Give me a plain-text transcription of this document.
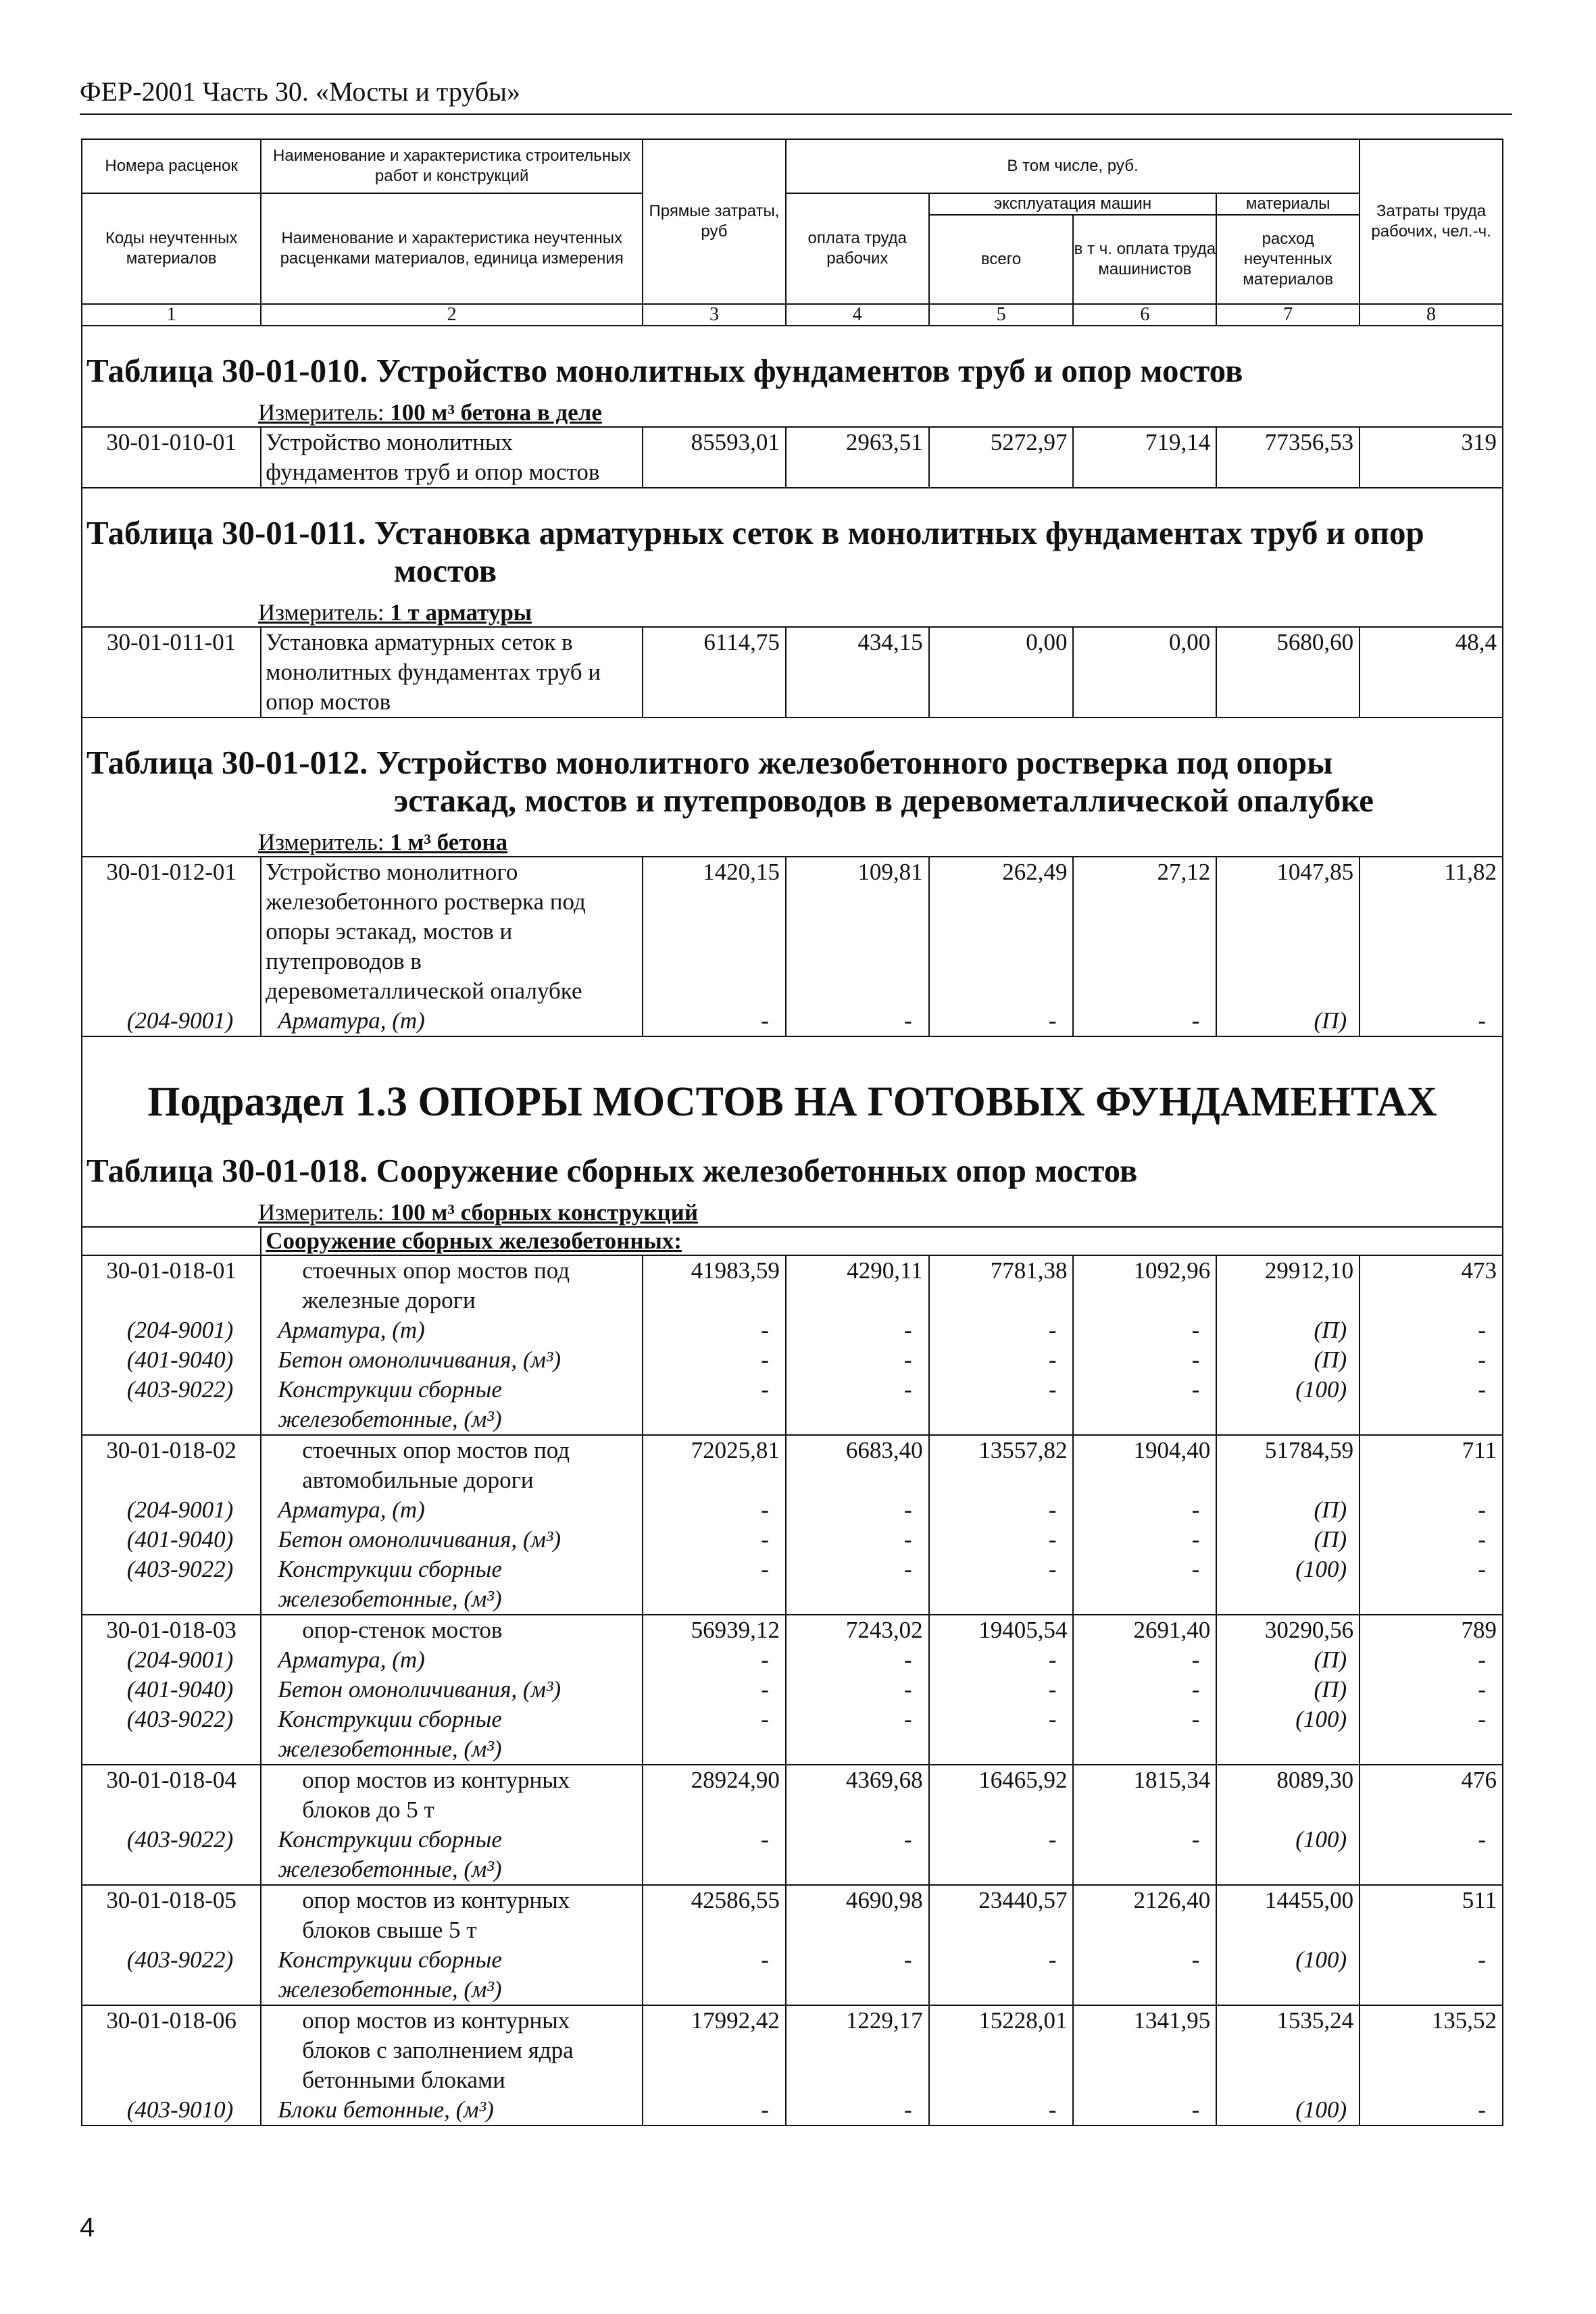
ФЕР-2001 Часть 30. «Мосты и трубы»
Номера расценок	Наименование и характеристика строительных работ и конструкций	Прямые затраты, руб	В том числе, руб.				Затраты труда рабочих, чел.-ч.
Коды неучтенных материалов	Наименование и характеристика неучтенных расценками материалов, единица измерения		оплата труда рабочих	эксплуатация машин		материалы	
				всего	в т ч. оплата труда машинистов	расход неучтенных материалов	

1	2	3	4	5	6	7	8

Таблица 30-01-010. Устройство монолитных фундаментов труб и опор мостов							
Измеритель: 100 м³ бетона в деле							
30-01-010-01	Устройство монолитных фундаментов труб и опор мостов	85593,01	2963,51	5272,97	719,14	77356,53	319

Таблица 30-01-011. Установка арматурных сеток в монолитных фундаментах труб и опор
мостов							

Измеритель: 1 т арматуры							
30-01-011-01	Установка арматурных сеток в монолитных фундаментах труб и опор мостов	6114,75	434,15	0,00	0,00	5680,60	48,4

Таблица 30-01-012. Устройство монолитного железобетонного ростверка под опоры
эстакад, мостов и путепроводов в деревометаллической опалубке							

Измеритель: 1 м³ бетона							
30-01-012-01	Устройство монолитного железобетонного ростверка под опоры эстакад, мостов и путепроводов в деревометаллической опалубке	1420,15	109,81	262,49	27,12	1047,85	11,82
(204-9001)	Арматура, (т)	-	-	-	-	(П)	-

Подраздел 1.3 ОПОРЫ МОСТОВ НА ГОТОВЫХ ФУНДАМЕНТАХ							
Таблица 30-01-018. Сооружение сборных железобетонных опор мостов							
Измеритель: 100 м³ сборных конструкций							
	Сооружение сборных железобетонных:						
30-01-018-01	стоечных опор мостов под железные дороги	41983,59	4290,11	7781,38	1092,96	29912,10	473
(204-9001)	Арматура, (т)	-	-	-	-	(П)	-
(401-9040)	Бетон омоноличивания, (м³)	-	-	-	-	(П)	-
(403-9022)	Конструкции сборные железобетонные, (м³)	-	-	-	-	(100)	-
30-01-018-02	стоечных опор мостов под автомобильные дороги	72025,81	6683,40	13557,82	1904,40	51784,59	711
(204-9001)	Арматура, (т)	-	-	-	-	(П)	-
(401-9040)	Бетон омоноличивания, (м³)	-	-	-	-	(П)	-
(403-9022)	Конструкции сборные железобетонные, (м³)	-	-	-	-	(100)	-
30-01-018-03	опор-стенок мостов	56939,12	7243,02	19405,54	2691,40	30290,56	789
(204-9001)	Арматура, (т)	-	-	-	-	(П)	-
(401-9040)	Бетон омоноличивания, (м³)	-	-	-	-	(П)	-
(403-9022)	Конструкции сборные железобетонные, (м³)	-	-	-	-	(100)	-
30-01-018-04	опор мостов из контурных блоков до 5 т	28924,90	4369,68	16465,92	1815,34	8089,30	476
(403-9022)	Конструкции сборные железобетонные, (м³)	-	-	-	-	(100)	-
30-01-018-05	опор мостов из контурных блоков свыше 5 т	42586,55	4690,98	23440,57	2126,40	14455,00	511
(403-9022)	Конструкции сборные железобетонные, (м³)	-	-	-	-	(100)	-
30-01-018-06	опор мостов из контурных блоков с заполнением ядра бетонными блоками	17992,42	1229,17	15228,01	1341,95	1535,24	135,52
(403-9010)	Блоки бетонные, (м³)	-	-	-	-	(100)	-
4
